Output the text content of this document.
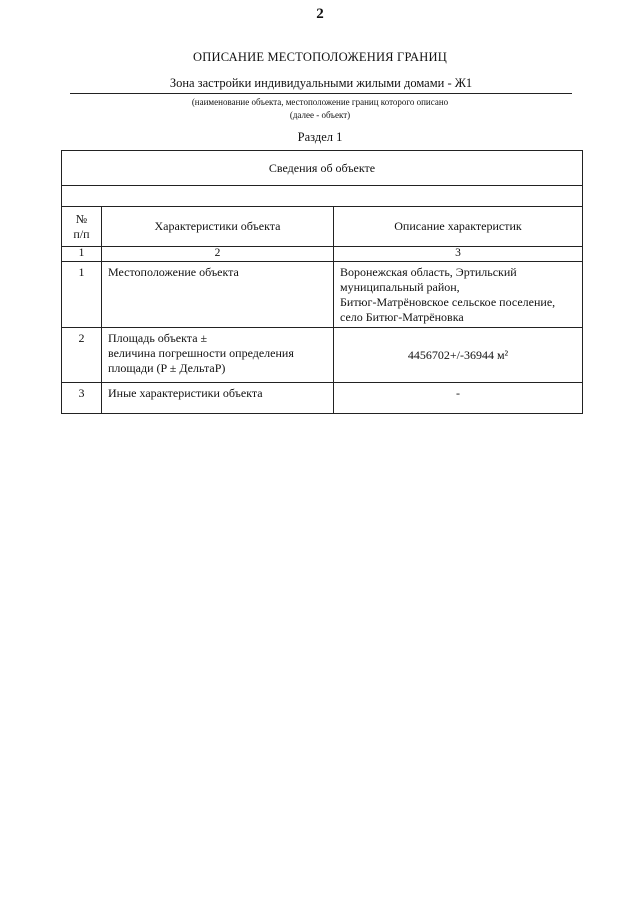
2
ОПИСАНИЕ МЕСТОПОЛОЖЕНИЯ ГРАНИЦ
Зона застройки индивидуальными жилыми домами - Ж1
(наименование объекта, местоположение границ которого описано
(далее - объект)
Раздел 1
Сведения об объекте		

№
п/п	Характеристики объекта	Описание характеристик
1	2	3
1	Местоположение объекта	Воронежская область, Эртильский
муниципальный район,
Битюг-Матрёновское сельское поселение,
село Битюг-Матрёновка

2	Площадь объекта ±
величина погрешности определения
площади (P ± ДельтаP)	4456702+/-36944 м²

3	Иные характеристики объекта	-
